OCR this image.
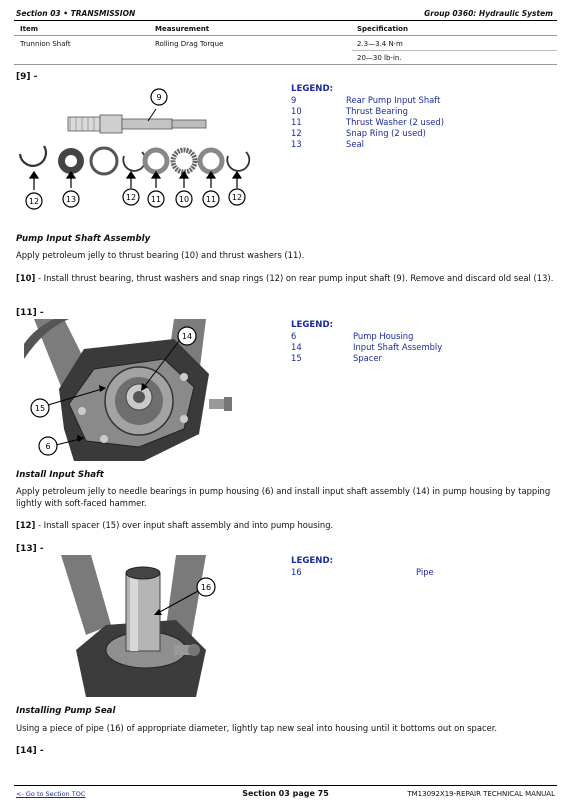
Section 03 • TRANSMISSION	Group 0360: Hydraulic System
Item	Measurement	Specification
Trunnion Shaft	Rolling Drag Torque	2.3—3.4 N·m
20—30 lb-in.
[9] -
9
12	13	12 11 10 11 12
LEGEND:
9	Rear Pump Input Shaft
10	Thrust Bearing
11	Thrust Washer (2 used)
12	Snap Ring (2 used)
13	Seal
Pump Input Shaft Assembly
Apply petroleum jelly to thrust bearing (10) and thrust washers (11).
[10] - Install thrust bearing, thrust washers and snap rings (12) on rear pump input shaft (9). Remove and discard old seal (13).
[11] -
14
15
6
LEGEND:
6	Pump Housing
14	Input Shaft Assembly
15	Spacer
Install Input Shaft
Apply petroleum jelly to needle bearings in pump housing (6) and install input shaft assembly (14) in pump housing by tapping lightly with soft-faced hammer.
[12] - Install spacer (15) over input shaft assembly and into pump housing.
[13] -
16
LEGEND:
16	Pipe
Installing Pump Seal
Using a piece of pipe (16) of appropriate diameter, lightly tap new seal into housing until it bottoms out on spacer.
[14] -
<- Go to Section TOC	Section 03 page 75	TM13092X19-REPAIR TECHNICAL MANUAL
